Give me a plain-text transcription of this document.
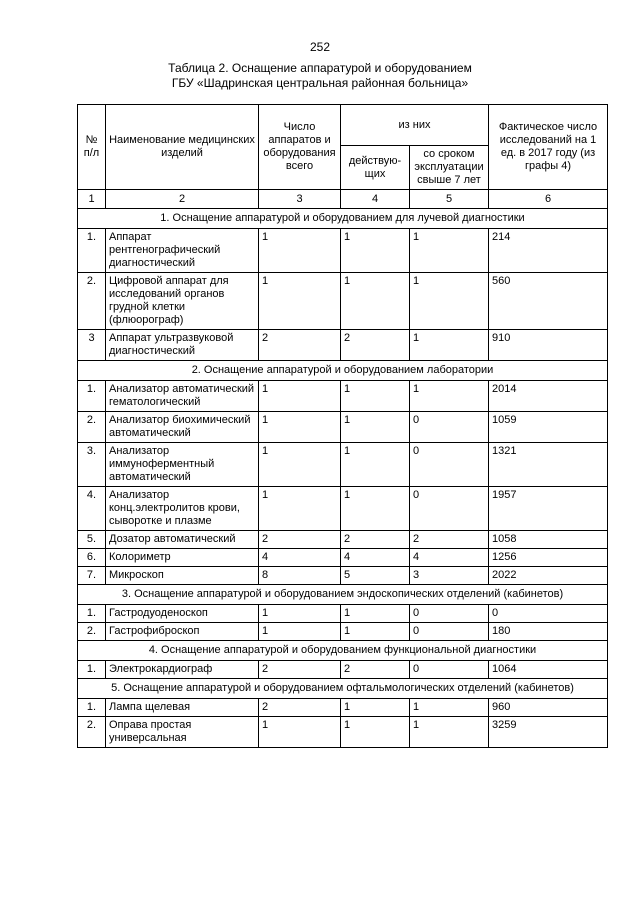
252
Таблица 2. Оснащение аппаратурой и оборудованием
ГБУ «Шадринская центральная районная больница»
№ п/л	Наименование медицинских изделий	Число аппаратов и оборудования всего	из них		Фактическое число исследований на 1 ед. в 2017 году (из графы 4)
			действую-щих	со сроком эксплуатации свыше 7 лет	
1	2	3	4	5	6
1. Оснащение аппаратурой и оборудованием для лучевой диагностики					
1.	Аппарат рентгенографический диагностический	1	1	1	214
2.	Цифровой аппарат для исследований органов грудной клетки (флюорограф)	1	1	1	560
3	Аппарат ультразвуковой диагностический	2	2	1	910
2. Оснащение аппаратурой и оборудованием лаборатории					
1.	Анализатор автоматический гематологический	1	1	1	2014
2.	Анализатор биохимический автоматический	1	1	0	1059
3.	Анализатор иммуноферментный автоматический	1	1	0	1321
4.	Анализатор конц.электролитов крови, сыворотке и плазме	1	1	0	1957
5.	Дозатор автоматический	2	2	2	1058
6.	Колориметр	4	4	4	1256
7.	Микроскоп	8	5	3	2022
3. Оснащение аппаратурой и оборудованием эндоскопических отделений (кабинетов)					
1.	Гастродуоденоскоп	1	1	0	0
2.	Гастрофиброскоп	1	1	0	180
4. Оснащение аппаратурой и оборудованием функциональной диагностики					
1.	Электрокардиограф	2	2	0	1064
5. Оснащение аппаратурой и оборудованием офтальмологических отделений (кабинетов)					
1.	Лампа щелевая	2	1	1	960
2.	Оправа простая универсальная	1	1	1	3259
